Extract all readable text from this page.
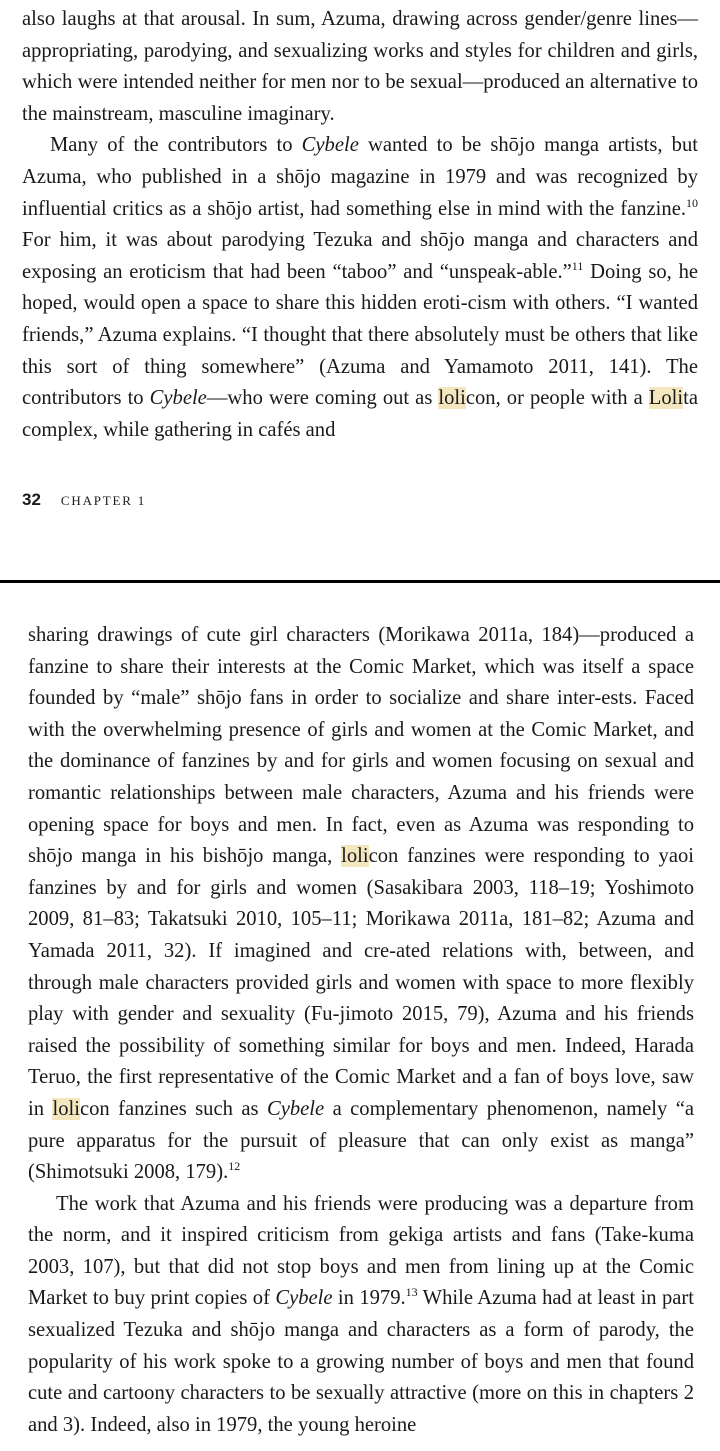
also laughs at that arousal. In sum, Azuma, drawing across gender/genre lines—appropriating, parodying, and sexualizing works and styles for children and girls, which were intended neither for men nor to be sexual—produced an alternative to the mainstream, masculine imaginary.

Many of the contributors to Cybele wanted to be shōjo manga artists, but Azuma, who published in a shōjo magazine in 1979 and was recognized by influential critics as a shōjo artist, had something else in mind with the fanzine.$^{10}$ For him, it was about parodying Tezuka and shōjo manga and characters and exposing an eroticism that had been “taboo” and “unspeak-able.”$^{11}$ Doing so, he hoped, would open a space to share this hidden eroti-cism with others. “I wanted friends,” Azuma explains. “I thought that there absolutely must be others that like this sort of thing somewhere” (Azuma and Yamamoto 2011, 141). The contributors to Cybele—who were coming out as lolicon, or people with a Lolita complex, while gathering in cafés and

32 CHAPTER 1

sharing drawings of cute girl characters (Morikawa 2011a, 184)—produced a fanzine to share their interests at the Comic Market, which was itself a space founded by “male” shōjo fans in order to socialize and share inter-ests. Faced with the overwhelming presence of girls and women at the Comic Market, and the dominance of fanzines by and for girls and women focusing on sexual and romantic relationships between male characters, Azuma and his friends were opening space for boys and men. In fact, even as Azuma was responding to shōjo manga in his bishōjo manga, lolicon fanzines were responding to yaoi fanzines by and for girls and women (Sasakibara 2003, 118–19; Yoshimoto 2009, 81–83; Takatsuki 2010, 105–11; Morikawa 2011a, 181–82; Azuma and Yamada 2011, 32). If imagined and cre-ated relations with, between, and through male characters provided girls and women with space to more flexibly play with gender and sexuality (Fu-jimoto 2015, 79), Azuma and his friends raised the possibility of something similar for boys and men. Indeed, Harada Teruo, the first representative of the Comic Market and a fan of boys love, saw in lolicon fanzines such as Cybele a complementary phenomenon, namely “a pure apparatus for the pursuit of pleasure that can only exist as manga” (Shimotsuki 2008, 179).$^{12}$

The work that Azuma and his friends were producing was a departure from the norm, and it inspired criticism from gekiga artists and fans (Take-kuma 2003, 107), but that did not stop boys and men from lining up at the Comic Market to buy print copies of Cybele in 1979.13 While Azuma had at least in part sexualized Tezuka and shōjo manga and characters as a form of parody, the popularity of his work spoke to a growing number of boys and men that found cute and cartoony characters to be sexually attractive (more on this in chapters 2 and 3). Indeed, also in 1979, the young heroine
